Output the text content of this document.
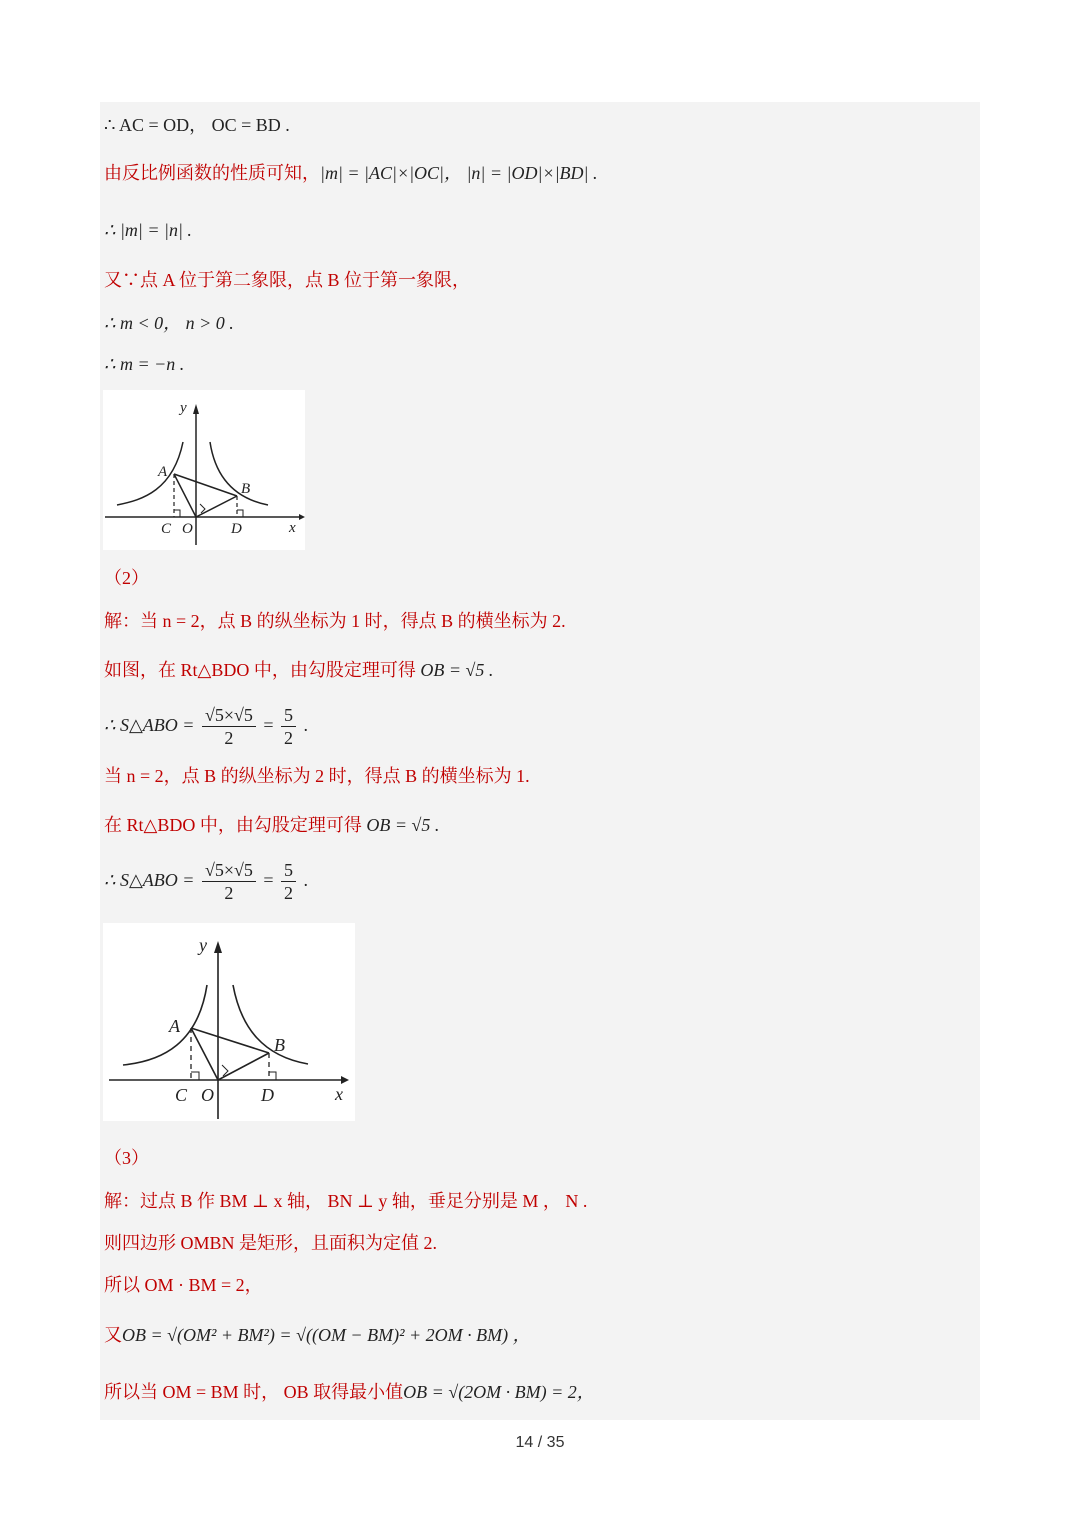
∴ AC = OD， OC = BD .
由反比例函数的性质可知，|m| = |AC|×|OC|， |n| = |OD|×|BD| .
∴ |m| = |n| .
又∵点 A 位于第二象限，点 B 位于第一象限，
∴ m < 0， n > 0 .
∴ m = −n .
y
x
A
B
C O	D
（2）
解：当 n = 2，点 B 的纵坐标为 1 时，得点 B 的横坐标为 2.
如图，在 Rt△BDO 中，由勾股定理可得 OB = √5 .
∴ S△ABO = $\frac{√5\times√5}{2} = \frac{5}{2}$ .
当 n = 2，点 B 的纵坐标为 2 时，得点 B 的横坐标为 1.
在 Rt△BDO 中，由勾股定理可得 OB = √5 .
∴ S△ABO = $\frac{√5\times√5}{2} = \frac{5}{2}$ .
y
x
A
B
C O	D
（3）
解：过点 B 作 BM ⊥ x 轴， BN ⊥ y 轴，垂足分别是 M ， N .
则四边形 OMBN 是矩形，且面积为定值 2.
所以 OM · BM = 2，
又OB = √(OM² + BM²) = √((OM − BM)² + 2OM · BM) ，
所以当 OM = BM 时， OB 取得最小值OB = √(2OM · BM) = 2，
14 / 35
